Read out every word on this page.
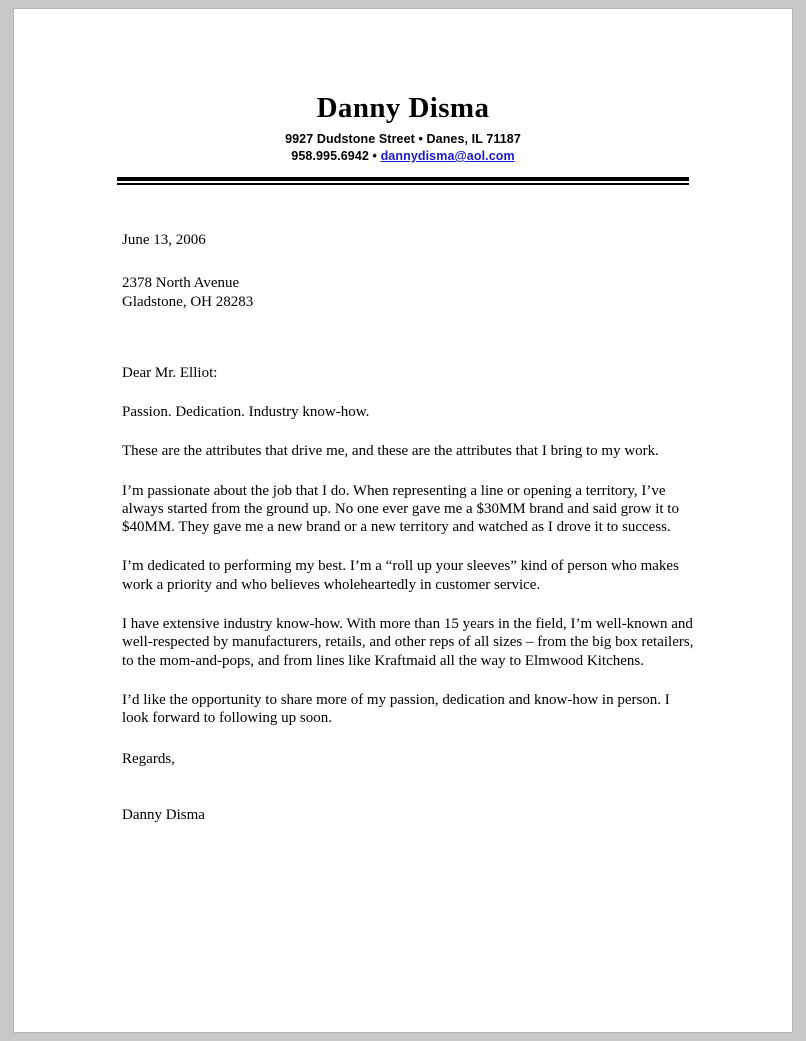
Danny Disma
9927 Dudstone Street • Danes, IL 71187
958.995.6942 • dannydisma@aol.com
June 13, 2006
2378 North Avenue
Gladstone, OH 28283
Dear Mr. Elliot:

Passion. Dedication. Industry know-how.

These are the attributes that drive me, and these are the attributes that I bring to my work.

I’m passionate about the job that I do. When representing a line or opening a territory, I’ve always started from the ground up. No one ever gave me a $30MM brand and said grow it to $40MM. They gave me a new brand or a new territory and watched as I drove it to success.

I’m dedicated to performing my best. I’m a “roll up your sleeves” kind of person who makes work a priority and who believes wholeheartedly in customer service.

I have extensive industry know-how. With more than 15 years in the field, I’m well-known and well-respected by manufacturers, retails, and other reps of all sizes – from the big box retailers, to the mom-and-pops, and from lines like Kraftmaid all the way to Elmwood Kitchens.

I’d like the opportunity to share more of my passion, dedication and know-how in person. I look forward to following up soon.

Regards,
Danny Disma
